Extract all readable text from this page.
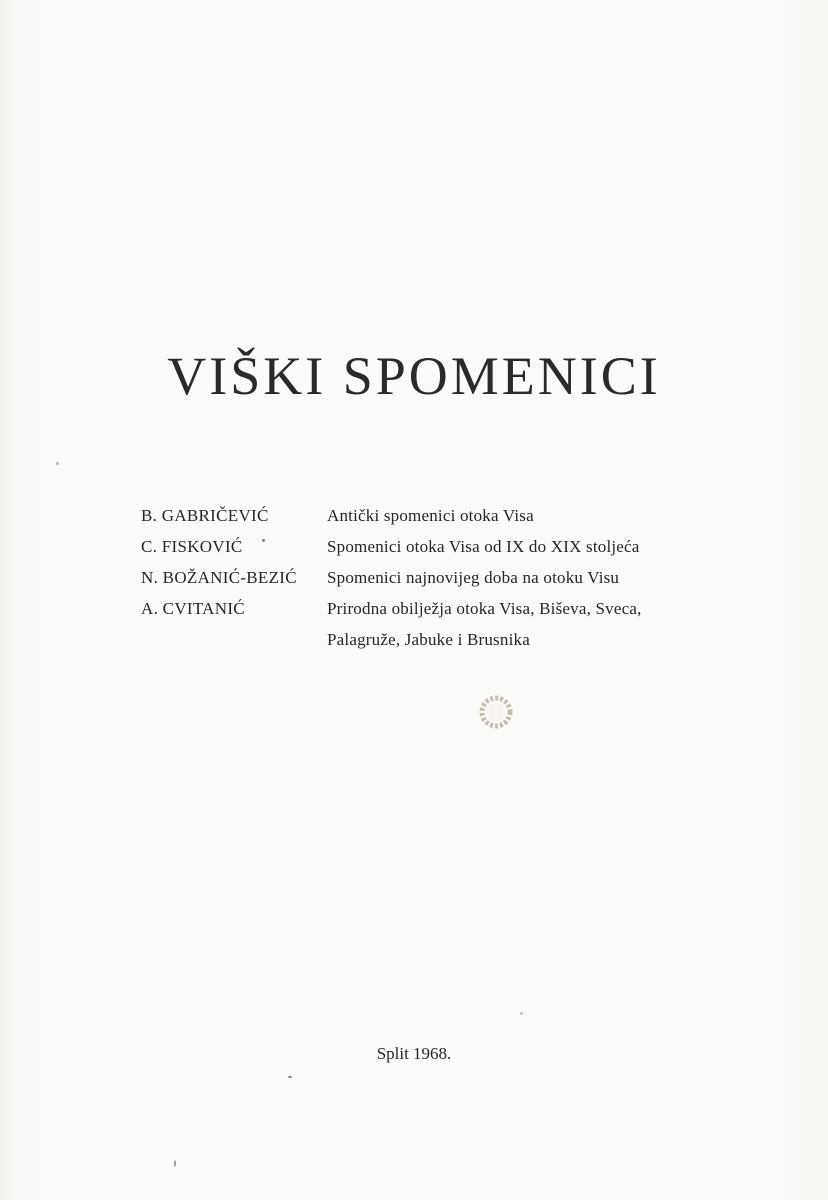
VIŠKI SPOMENICI
B. GABRIČEVIĆ	Antički spomenici otoka Visa
C. FISKOVIĆ	Spomenici otoka Visa od IX do XIX stoljeća
N. BOŽANIĆ-BEZIĆ	Spomenici najnovijeg doba na otoku Visu
A. CVITANIĆ	Prirodna obilježja otoka Visa, Biševa, Sveca,
Palagruže, Jabuke i Brusnika
Split 1968.
